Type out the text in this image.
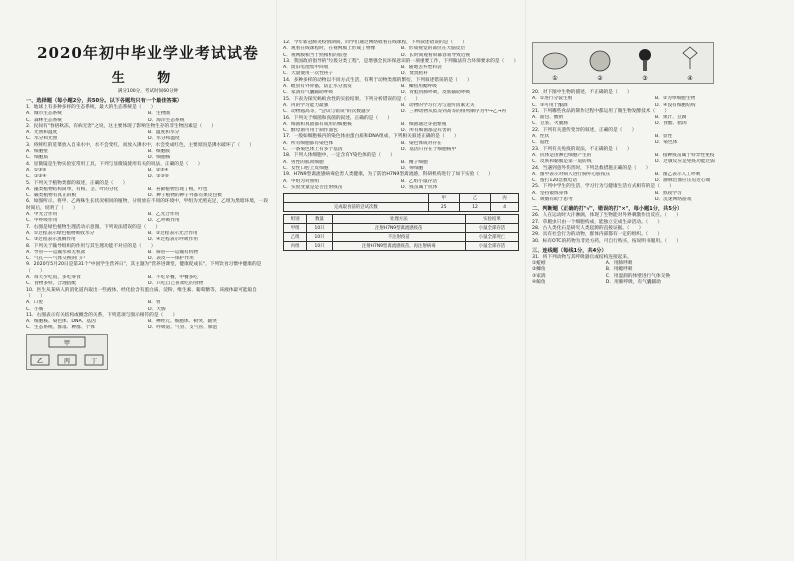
2020年初中毕业学业考试试卷
生 物
满分100分，考试时间60分钟
一、选择题（每小题2分，共50分。以下各题均只有一个最佳答案）
1．地球上有多种多样的生态系统，最大的生态系统是（　　）
A．城市生态系统	B．生物圈
C．森林生态系统	D．海洋生态系统
2．民间有"春捂秋冻，有病无害"之说，这主要体现了影响生物生存的非生物因素是（　　）
A．光照和温度	B．温度和水分
C．水分和光照	D．水分和温度
3．将鲜红的苋菜放入自来水中，水不会变红，而放入沸水中，水会变成红色，主要原因是沸水破坏了（　　）
A．细胞壁	B．细胞膜
C．细胞质	D．细胞核
4．显微镜是生物实验室常用工具，下列与显微镜使用有关的说法，正确的是（　　）
A．①③⑤	B．②③④
C．①②④	D．②③⑤
5．下列关于植物类群的叙述，正确的是（　　）
A．藻类植物结构简单，有根、茎、叶的分化	B．苔藓植物出现了根，叶也
C．蕨类植物有真正的根	D．种子植物的种子外都有果皮包被
6．如图所示，将甲、乙两株生长状况相同的植物，分别放在不同的环境中，甲组为光照充足，乙组为黑暗环境，一段时间后，说明了（　　）
A．甲光合作用	B．乙光合作用
C．甲呼吸作用	D．乙呼吸作用
7．右图是绿色植物生理活动示意图，下列说法错误的是（　　）
A．①过程表示绿色植物吸收水分	B．②过程表示光合作用
C．③过程表示蒸腾作用	D．④过程表示呼吸作用
8．下列关于输导组织的作用与其生理功能不对应的是（　　）
A．导管——运输水和无机盐	B．筛管——运输有机物
C．气孔——气体交换的门户	D．表皮——保护作用
9．2020年5月20日是第31个"中国学生营养日"，其主题为"营养进课堂，健康促成长"，下列饮食习惯中健康的是（　　）
A．每天少吃饭，多吃零食	B．不吃早餐，中餐多吃
C．食物多样，合理搭配	D．只吃自己喜欢吃的食物
10．医生从某病人的消化道内取出一些液体，经化验含有蛋白质、淀粉、维生素、葡萄糖等，该液体最可能取自（　　）
A．口腔	B．胃
C．小肠	D．大肠
11．右图表示有关结构或概念的关系，下列选项与图示相符的是（　　）
A．细胞核、染色体、DNA、基因	B．神经元、细胞体、树突、轴突
C．生态系统、群落、种群、个体	D．呼吸道、气管、支气管、肺泡
甲
乙	丙	丁
12．今年新冠肺炎疫情期间，同学们通过网络收看在线课程，下列叙述错误的是（　　）
A．观看在线课程时，在视网膜上形成了物像	B．形成视觉的部位在大脑皮层
C．视网膜相当于照相机的胶卷	D．长时间观看屏幕容易导致近视
13．我国政府倡导的"垃圾分类工程"，是增强全民环保意识的一项重要工作，下列做法符合环保要求的是（　　）
A．废旧电池集中回收	B．随地丢弃塑料袋
C．大量使用一次性筷子	D．焚烧秸秆
14．多种多样的动物以不同方式生活，有利于动物类群的繁衍，下列叙述错误的是（　　）
A．蝗虫有外骨骼，防止水分蒸发	B．鲫鱼用鳃呼吸
C．家鸽有气囊辅助呼吸	D．青蛙用肺呼吸，皮肤辅助呼吸
15．下表为探究蚂蚁食性的实验结果，下列分析错误的是（　　）
A．丙的学习能力最强	B．动物的学习行为与遗传因素无关
C．动物越高等，"尝试与错误"的次数越少	D．三种动物从低等到高等的排列顺序为甲→乙→丙
16．下列关于细菌和真菌的叙述，正确的是（　　）
A．细菌和真菌都有成形的细胞核	B．细菌通过芽孢繁殖
C．酵母菌可用于制作面包	D．所有细菌都是有害的
17．一般如细胞核内的染色体由蛋白质和DNA组成，下列相关叙述正确的是（　　）
A．所有细胞都有染色体	B．染色体成对存在
C．一条染色体上有多个基因	D．基因只存在于细胞核中
18．下列人体细胞中，一定含有Y染色体的是（　　）
A．男性的肌肉细胞	B．精子细胞
C．女性口腔上皮细胞	D．卵细胞
19．H7N9型禽流感病毒危害人类健康，为了防治H7N9型禽流感，科研机构进行了如下实验（　　）
A．甲组为对照组	B．乙组小鼠存活
C．实验变量是是否注射疫苗	D．疫苗属于抗体
	甲	乙	丙
完成取食前的尝试次数	25	12	4
组别	数量	处理方法	实验结果
甲组	10只	注射H7N9型禽流感疫苗	小鼠全部存活
乙组	10只	不注射疫苗	小鼠全部死亡
丙组	10只	注射H7N9型禽流感疫苗，再注射病毒	小鼠全部存活
①	②	③	④
20．对下图中生物的描述，不正确的是（　　）
A．①进行分裂生殖	B．②为单细胞生物
C．③可用于酿酒	D．④没有细胞结构
21．下列哪些食品的制作过程中都运用了微生物发酵技术（　　）
A．面包、酸奶	B．果汁、豆腐
C．豆浆、火腿肠	D．食醋、腊肉
22．下列有关遗传变异的叙述，正确的是（　　）
A．性状	B．显性
C．隐性	D．染色体
23．下列有关免疫的说法，不正确的是（　　）
A．抗体是由淋巴细胞产生的	B．接种疫苗属于特异性免疫
C．皮肤和黏膜是第一道防线	D．过敏反应是免疫功能过弱
24．当遇到意外伤害时，下列急救措施正确的是（　　）
A．图甲表示对病人进行胸外心脏按压	B．图乙表示人工呼吸
C．拨打120急救电话	D．静脉出血应压迫近心端
25．下列中学生的生活、学习行为与健康生活方式相符的是（　　）
A．坚持锻炼身体	B．熬夜学习
C．吸烟有助于思考	D．沉迷网络游戏
二、判断题（正确的打"√"，错误的打"×"，每小题1分，共5分）
26．人在运动时大汗淋漓，体现了生物能对外界刺激作出反应。（　　）
27．草履虫只由一个细胞构成，能独立完成生命活动。（　　）
28．古人类化石是研究人类起源的直接证据。（　　）
29．具有社会行为的动物，群体内部都有一定的组织。（　　）
30．标有OTC的药物为非处方药，可自行购买，按说明书服用。（　　）
三、连线题（每线1分，共4分）
31．将下列动物与其呼吸器官或结构连接起来。
①蚯蚓
②鲫鱼
③家鸽
④鲸鱼
A．用肺呼吸
B．用鳃呼吸
C．用湿润的体壁进行气体交换
D．用肺呼吸，有气囊辅助
